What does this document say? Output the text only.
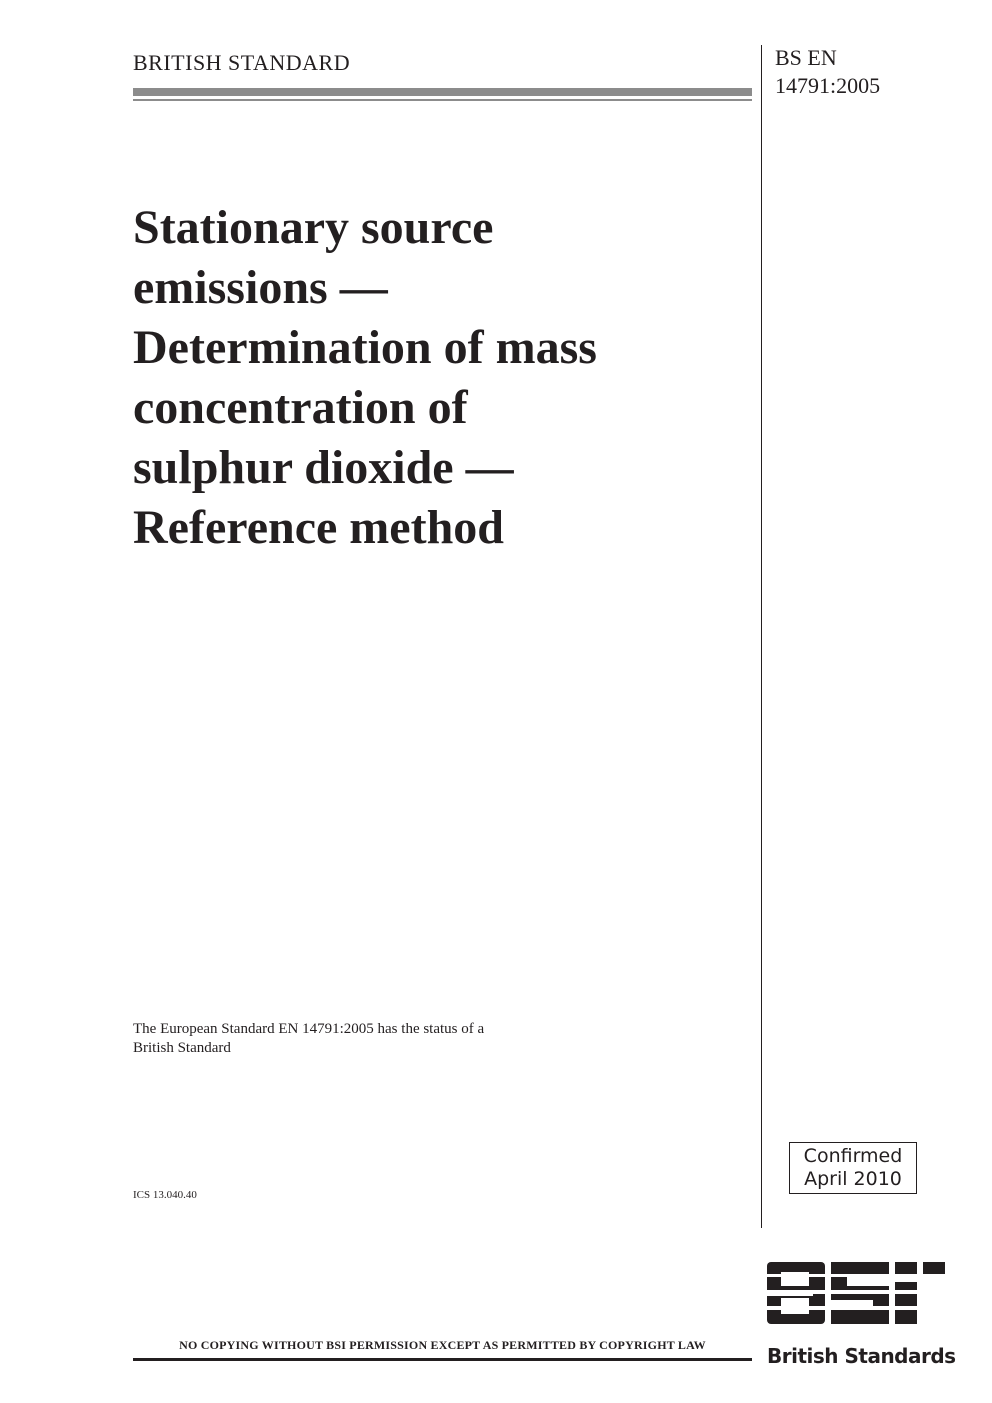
BRITISH STANDARD	BS EN
14791:2005
Stationary source
emissions —
Determination of mass
concentration of
sulphur dioxide —
Reference method
The European Standard EN 14791:2005 has the status of a
British Standard
ICS 13.040.40
Confirmed
April 2010
NO COPYING WITHOUT BSI PERMISSION EXCEPT AS PERMITTED BY COPYRIGHT LAW	British Standards
